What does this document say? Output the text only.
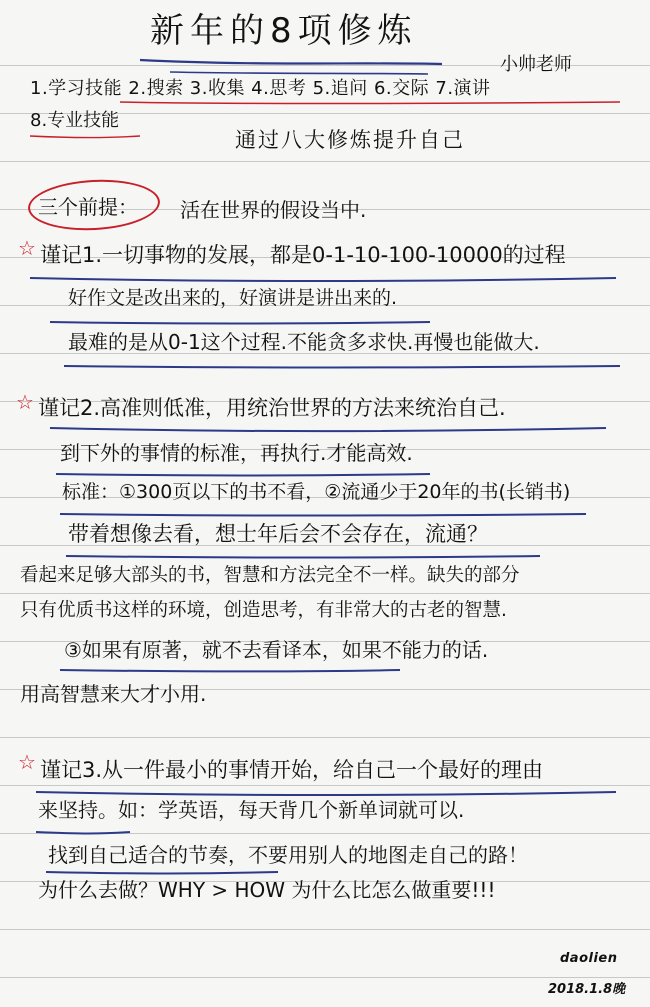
新年的8项修炼
小帅老师
1.学习技能 2.搜索 3.收集 4.思考 5.追问 6.交际 7.演讲
8.专业技能
通过八大修炼提升自己
三个前提： 活在世界的假设当中.
☆ 谨记1.一切事物的发展，都是0-1-10-100-10000的过程
好作文是改出来的，好演讲是讲出来的.
最难的是从0-1这个过程.不能贪多求快.再慢也能做大.
☆ 谨记2.高准则低准，用统治世界的方法来统治自己.
到下外的事情的标准，再执行.才能高效.
标准：①300页以下的书不看，②流通少于20年的书(长销书)
带着想像去看，想士年后会不会存在，流通？
看起来足够大部头的书，智慧和方法完全不一样。缺失的部分
只有优质书这样的环境，创造思考，有非常大的古老的智慧.
③如果有原著，就不去看译本，如果不能力的话.
用高智慧来大才小用.
☆ 谨记3.从一件最小的事情开始，给自己一个最好的理由
来坚持。如：学英语，每天背几个新单词就可以.
找到自己适合的节奏，不要用别人的地图走自己的路！
为什么去做？WHY > HOW 为什么比怎么做重要!!!
daolien
2018.1.8晚
